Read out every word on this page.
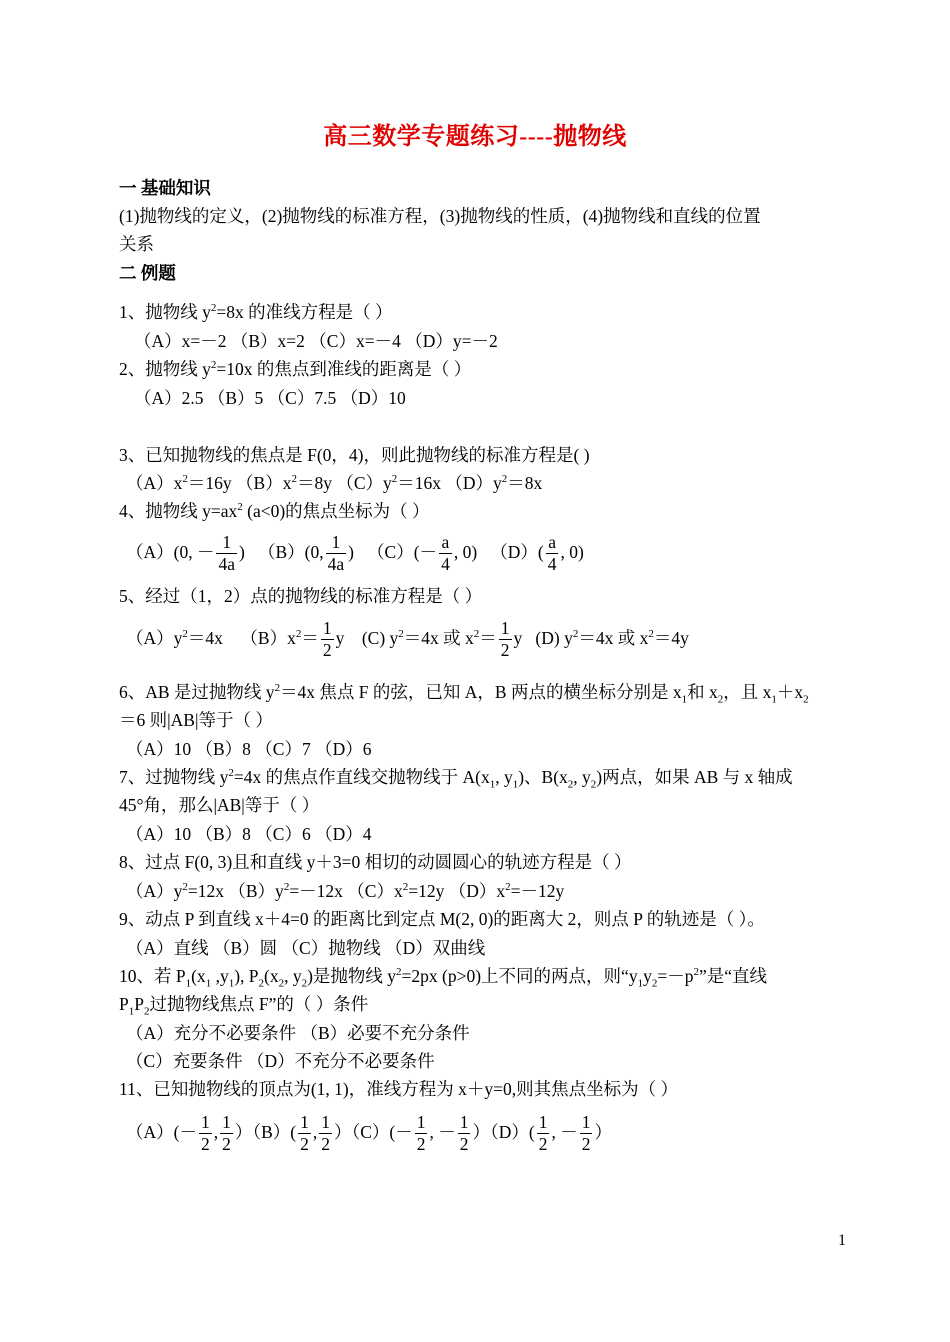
高三数学专题练习----抛物线
一 基础知识
(1)抛物线的定义，(2)抛物线的标准方程，(3)抛物线的性质，(4)抛物线和直线的位置
关系
二 例题
1、抛物线 $y^2=8x$ 的准线方程是（ ）
（A）x=－2 （B）x=2 （C）x=－4 （D）y=－2
2、抛物线 $y^2=10x$ 的焦点到准线的距离是（ ）
（A）2.5 （B）5 （C）7.5 （D）10
3、已知抛物线的焦点是 F(0，4)，则此抛物线的标准方程是( )
$(A)x^2=16y$ $(B)x^2=8y$ $(C)y^2=16x$ $(D)y^2=8x$
4、抛物线 $y=ax^2$ (a<0)的焦点坐标为（ ）
（A）(0, － $\frac{1}{4a}$ ) （B）(0, $\frac{1}{4a}$ ) $(C)(- \frac{a}{4}$ , 0) $(D)( \frac{a}{4}$ , 0)
5、经过（1，2）点的抛物线的标准方程是（ ）
$(A)y^2=4x$ $(B)x^2= \frac{1}{2}$ y (C) $y^2=4x$ 或 $x^2= \frac{1}{2}$ y (D) $y^2=4x$ 或 $x^2=4y$
6、AB 是过抛物线 $y^2=4x$ 焦点 F 的弦，已知 A，B 两点的横坐标分别是 $x_1$和 $x_2$，且 $x_1+x_2$
＝6 则|AB|等于（ ）
（A）10 （B）8 （C）7 （D）6
7、过抛物线 $y^2=4x$ 的焦点作直线交抛物线于 $A(x_1$, $y_1$)、$B(x_2$, $y_2$)两点，如果 AB 与 x 轴成
45°角，那么|AB|等于（ ）
（A）10 （B）8 （C）6 （D）4
8、过点 F(0, 3)且和直线 y＋3=0 相切的动圆圆心的轨迹方程是（ ）
$(A)y^2=12x$ $(B)y^2=-12x$ $(C)x^2=12y$ $(D)x^2=-12y$
9、动点 P 到直线 x＋4=0 的距离比到定点 M(2, 0)的距离大 2，则点 P 的轨迹是（ ）。
（A）直线 （B）圆 （C）抛物线 （D）双曲线
10、若 $P_1(x_1$ $,y_1$), $P_2(x_2$, $y_2$)是抛物线 $y^2=2px$ (p>0)上不同的两点，则“$y_1y_2=-p^2$”是“直线
$P_1P_2$过抛物线焦点 F”的（ ）条件
（A）充分不必要条件 （B）必要不充分条件
（C）充要条件 （D）不充分不必要条件
11、已知抛物线的顶点为(1, 1)，准线方程为 x＋y=0,则其焦点坐标为（ ）
$(A)(- \frac{1}{2}$ , $\frac{1}{2} )(B)( \frac{1}{2}$ , $\frac{1}{2} )(C)(- \frac{1}{2}$ , － $\frac{1}{2} )(D)( \frac{1}{2}$ , － $\frac{1}{2}$ ）
1
